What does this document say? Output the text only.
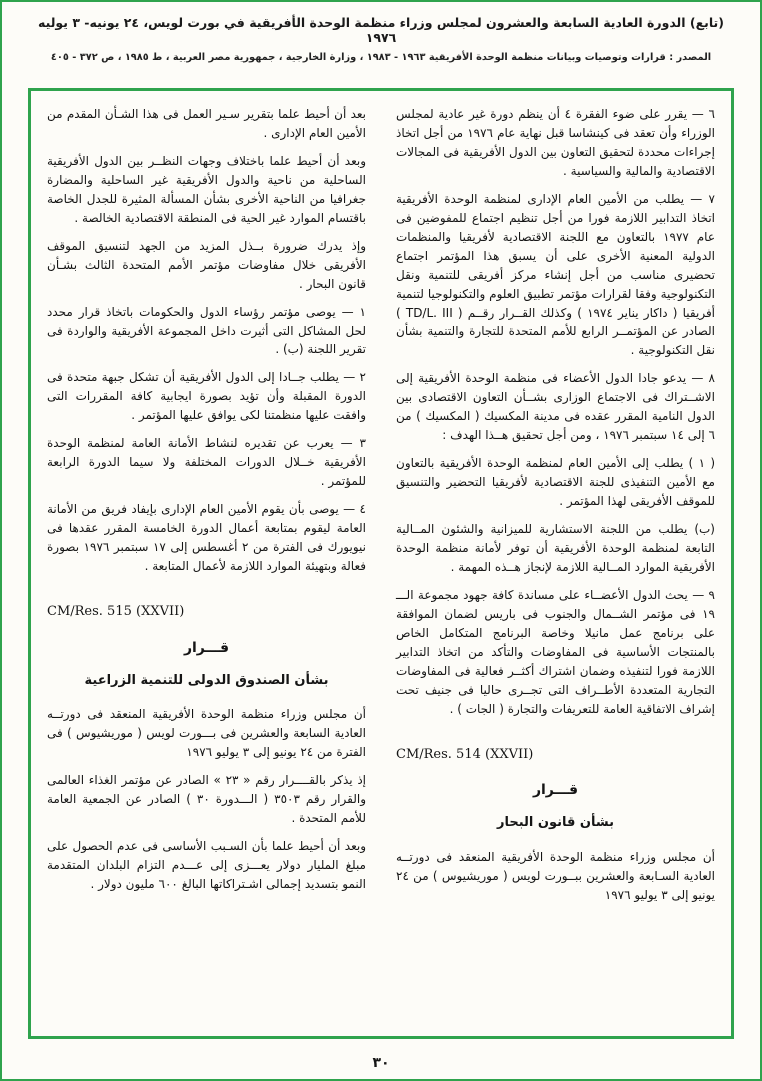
(تابع) الدورة العادية السابعة والعشرون لمجلس وزراء منظمة الوحدة الأفريقية في بورت لويس، ٢٤ يونيه- ٣ يوليه ١٩٧٦
المصدر : قرارات وتوصيات وبيانات منظمة الوحدة الأفريقية ١٩٦٣ - ١٩٨٣ ، وزارة الخارجية ، جمهورية مصر العربية ، ط ١٩٨٥ ، ص ٣٧٢ - ٤٠٥

٦ — يقرر على ضوء الفقرة ٤ أن ينظم دورة غير عادية لمجلس الوزراء وأن تعقد فى كينشاسا قبل نهاية عام ١٩٧٦ من أجل اتخاذ إجراءات محددة لتحقيق التعاون بين الدول الأفريقية فى المجالات الاقتصادية والمالية والسياسية .

٧ — يطلب من الأمين العام الإدارى لمنظمة الوحدة الأفريقية اتخاذ التدابير اللازمة فورا من أجل تنظيم اجتماع للمفوضين فى عام ١٩٧٧ بالتعاون مع اللجنة الاقتصادية لأفريقيا والمنظمات الدولية المعنية الأخرى على أن يسبق هذا المؤتمر اجتماع تحضيرى مناسب من أجل إنشاء مركز أفريقى للتنمية ونقل التكنولوجية وفقا لقرارات مؤتمر تطبيق العلوم والتكنولوجيا لتنمية أفريقيا ( داكار يناير ١٩٧٤ ) وكذلك القــرار رقــم ( TD/L. III ) الصادر عن المؤتمــر الرابع للأمم المتحدة للتجارة والتنمية بشأن نقل التكنولوجية .

٨ — يدعو جادا الدول الأعضاء فى منظمة الوحدة الأفريقية إلى الاشــتراك فى الاجتماع الوزارى بشــأن التعاون الاقتصادى بين الدول النامية المقرر عقده فى مدينة المكسيك ( المكسيك ) من ٦ إلى ١٤ سبتمبر ١٩٧٦ ، ومن أجل تحقيق هــذا الهدف :

( ١ ) يطلب إلى الأمين العام لمنظمة الوحدة الأفريقية بالتعاون مع الأمين التنفيذى للجنة الاقتصادية لأفريقيا التحضير والتنسيق للموقف الأفريقى لهذا المؤتمر .

(ب) يطلب من اللجنة الاستشارية للميزانية والشئون المــالية التابعة لمنظمة الوحدة الأفريقية أن توفر لأمانة منظمة الوحدة الأفريقية الموارد المــالية اللازمة لإنجاز هــذه المهمة .

٩ — يحث الدول الأعضــاء على مساندة كافة جهود مجموعة الـــ ١٩ فى مؤتمر الشــمال والجنوب فى باريس لضمان الموافقة على برنامج عمل مانيلا وخاصة البرنامج المتكامل الخاص بالمنتجات الأساسية فى المفاوضات والتأكد من اتخاذ التدابير اللازمة فورا لتنفيذه وضمان اشتراك أكثــر فعالية فى المفاوضات التجارية المتعددة الأطــراف التى تجــرى حاليا فى جنيف تحت إشراف الاتفاقية العامة للتعريفات والتجارة ( الجات ) .

CM/Res. 514 (XXVII)

قـــرار

بشأن قانون البحار

أن مجلس وزراء منظمة الوحدة الأفريقية المنعقد فى دورتــه العادية السـابعة والعشرين ببــورت لويس ( موريشيوس ) من ٢٤ يونيو إلى ٣ يوليو ١٩٧٦

بعد أن أحيط علما بتقرير سـير العمل فى هذا الشـأن المقدم من الأمين العام الإدارى .

وبعد أن أحيط علما باختلاف وجهات النظــر بين الدول الأفريقية الساحلية من ناحية والدول الأفريقية غير الساحلية والمضارة جغرافيا من الناحية الأخرى بشأن المسألة المثيرة للجدل الخاصة باقتسام الموارد غير الحية فى المنطقة الاقتصادية الخالصة .

وإذ يدرك ضرورة بــذل المزيد من الجهد لتنسيق الموقف الأفريقى خلال مفاوضات مؤتمر الأمم المتحدة الثالث بشـأن قانون البحار .

١ — يوصى مؤتمر رؤساء الدول والحكومات باتخاذ قرار محدد لحل المشاكل التى أثيرت داخل المجموعة الأفريقية والواردة فى تقرير اللجنة (ب) .

٢ — يطلب جــادا إلى الدول الأفريقية أن تشكل جبهة متحدة فى الدورة المقبلة وأن تؤيد بصورة ايجابية كافة المقررات التى وافقت عليها منظمتنا لكى يوافق عليها المؤتمر .

٣ — يعرب عن تقديره لنشاط الأمانة العامة لمنظمة الوحدة الأفريقية خــلال الدورات المختلفة ولا سيما الدورة الرابعة للمؤتمر .

٤ — يوصى بأن يقوم الأمين العام الإدارى بإيفاد فريق من الأمانة العامة ليقوم بمتابعة أعمال الدورة الخامسة المقرر عقدها فى نيويورك فى الفترة من ٢ أغسطس إلى ١٧ سبتمبر ١٩٧٦ بصورة فعالة وبتهيئة الموارد اللازمة لأعمال المتابعة .

CM/Res. 515 (XXVII)

قـــرار

بشأن الصندوق الدولى للتنمية الزراعية

أن مجلس وزراء منظمة الوحدة الأفريقية المنعقد فى دورتــه العادية السابعة والعشرين فى بـــورت لويس ( موريشيوس ) فى الفترة من ٢٤ يونيو إلى ٣ يوليو ١٩٧٦

إذ يذكر بالقــــرار رقم « ٢٣ » الصادر عن مؤتمر الغذاء العالمى والقرار رقم ٣٥٠٣ ( الـــدورة ٣٠ ) الصادر عن الجمعية العامة للأمم المتحدة .

وبعد أن أحيط علما بأن السـبب الأساسى فى عدم الحصول على مبلغ المليار دولار يعـــزى إلى عـــدم التزام البلدان المتقدمة النمو بتسديد إجمالى اشـتراكاتها البالغ ٦٠٠ مليون دولار .

٣٠
